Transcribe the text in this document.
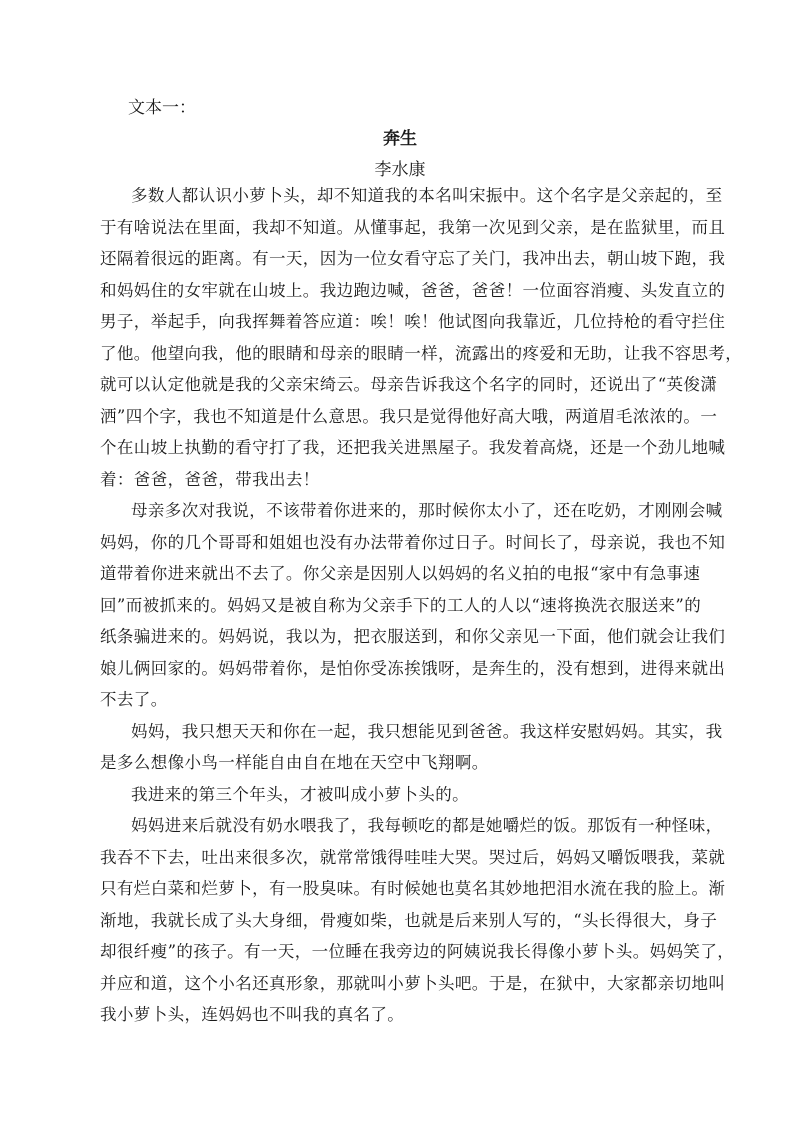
文本一：
奔生
李水康
多数人都认识小萝卜头，却不知道我的本名叫宋振中。这个名字是父亲起的，至
于有啥说法在里面，我却不知道。从懂事起，我第一次见到父亲，是在监狱里，而且
还隔着很远的距离。有一天，因为一位女看守忘了关门，我冲出去，朝山坡下跑，我
和妈妈住的女牢就在山坡上。我边跑边喊，爸爸，爸爸！一位面容消瘦、头发直立的
男子，举起手，向我挥舞着答应道：唉！唉！他试图向我靠近，几位持枪的看守拦住
了他。他望向我，他的眼睛和母亲的眼睛一样，流露出的疼爱和无助，让我不容思考，
就可以认定他就是我的父亲宋绮云。母亲告诉我这个名字的同时，还说出了“英俊潇
洒”四个字，我也不知道是什么意思。我只是觉得他好高大哦，两道眉毛浓浓的。一
个在山坡上执勤的看守打了我，还把我关进黑屋子。我发着高烧，还是一个劲儿地喊
着：爸爸，爸爸，带我出去！
母亲多次对我说，不该带着你进来的，那时候你太小了，还在吃奶，才刚刚会喊
妈妈，你的几个哥哥和姐姐也没有办法带着你过日子。时间长了，母亲说，我也不知
道带着你进来就出不去了。你父亲是因别人以妈妈的名义拍的电报“家中有急事速
回”而被抓来的。妈妈又是被自称为父亲手下的工人的人以“速将换洗衣服送来”的
纸条骗进来的。妈妈说，我以为，把衣服送到，和你父亲见一下面，他们就会让我们
娘儿俩回家的。妈妈带着你，是怕你受冻挨饿呀，是奔生的，没有想到，进得来就出
不去了。
妈妈，我只想天天和你在一起，我只想能见到爸爸。我这样安慰妈妈。其实，我
是多么想像小鸟一样能自由自在地在天空中飞翔啊。
我进来的第三个年头，才被叫成小萝卜头的。
妈妈进来后就没有奶水喂我了，我每顿吃的都是她嚼烂的饭。那饭有一种怪味，
我吞不下去，吐出来很多次，就常常饿得哇哇大哭。哭过后，妈妈又嚼饭喂我，菜就
只有烂白菜和烂萝卜，有一股臭味。有时候她也莫名其妙地把泪水流在我的脸上。渐
渐地，我就长成了头大身细，骨瘦如柴，也就是后来别人写的，“头长得很大，身子
却很纤瘦”的孩子。有一天，一位睡在我旁边的阿姨说我长得像小萝卜头。妈妈笑了，
并应和道，这个小名还真形象，那就叫小萝卜头吧。于是，在狱中，大家都亲切地叫
我小萝卜头，连妈妈也不叫我的真名了。
